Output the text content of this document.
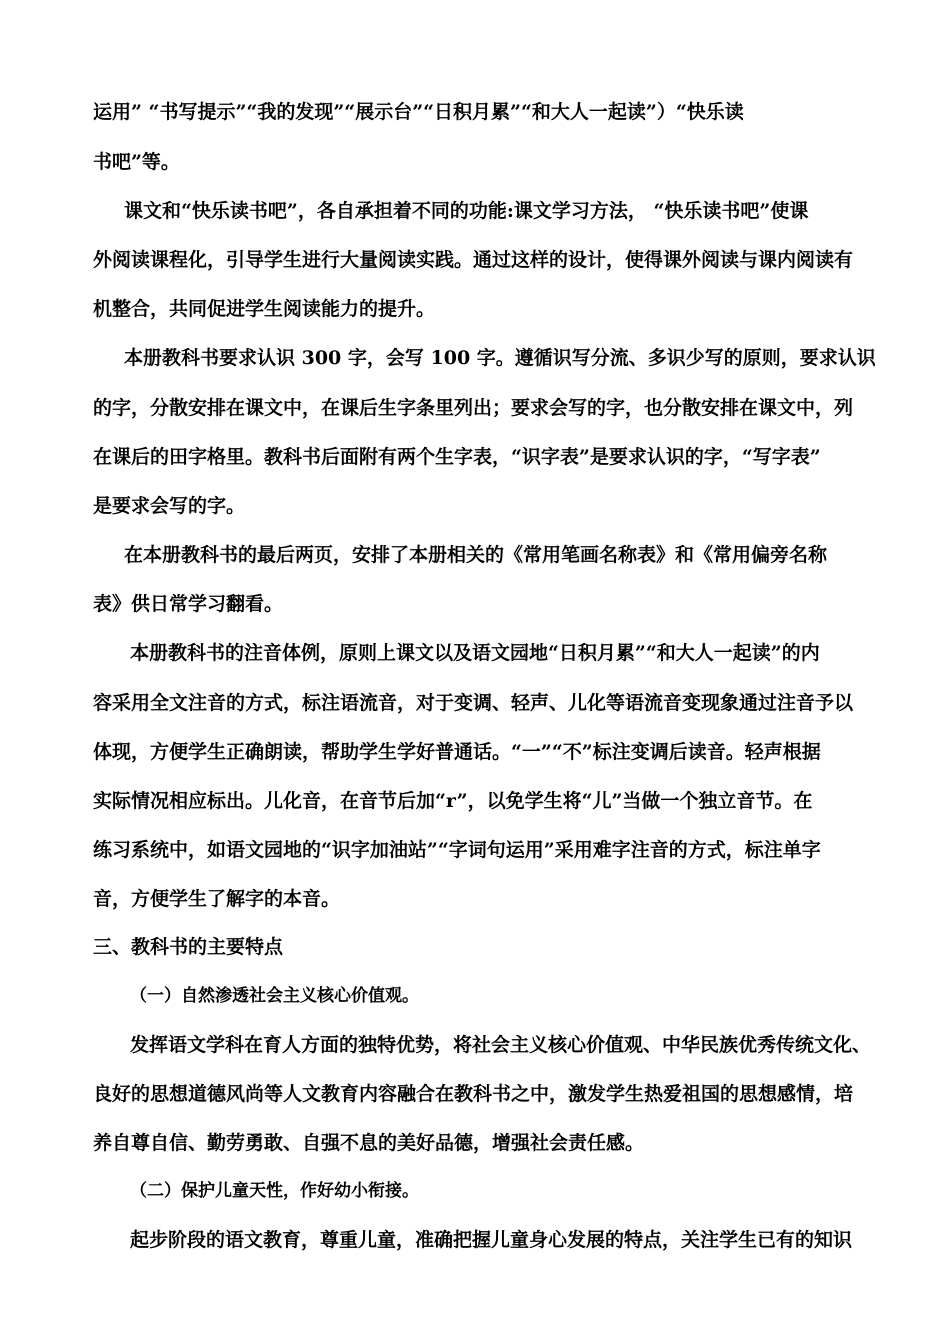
运用” “书写提示”“我的发现”“展示台”“日积月累”“和大人一起读”）“快乐读
书吧”等。
课文和“快乐读书吧”，各自承担着不同的功能:课文学习方法， “快乐读书吧”使课
外阅读课程化，引导学生进行大量阅读实践。通过这样的设计，使得课外阅读与课内阅读有
机整合，共同促进学生阅读能力的提升。
本册教科书要求认识 300 字，会写 100 字。遵循识写分流、多识少写的原则，要求认识
的字，分散安排在课文中，在课后生字条里列出；要求会写的字，也分散安排在课文中，列
在课后的田字格里。教科书后面附有两个生字表，“识字表”是要求认识的字，“写字表”
是要求会写的字。
在本册教科书的最后两页，安排了本册相关的《常用笔画名称表》和《常用偏旁名称
表》供日常学习翻看。
本册教科书的注音体例，原则上课文以及语文园地“日积月累”“和大人一起读”的内
容采用全文注音的方式，标注语流音，对于变调、轻声、儿化等语流音变现象通过注音予以
体现，方便学生正确朗读，帮助学生学好普通话。“一”“不”标注变调后读音。轻声根据
实际情况相应标出。儿化音，在音节后加“r”，以免学生将“儿”当做一个独立音节。在
练习系统中，如语文园地的“识字加油站”“字词句运用”采用难字注音的方式，标注单字
音，方便学生了解字的本音。
三、教科书的主要特点
（一）自然渗透社会主义核心价值观。
发挥语文学科在育人方面的独特优势，将社会主义核心价值观、中华民族优秀传统文化、
良好的思想道德风尚等人文教育内容融合在教科书之中，激发学生热爱祖国的思想感情，培
养自尊自信、勤劳勇敢、自强不息的美好品德，增强社会责任感。
（二）保护儿童天性，作好幼小衔接。
起步阶段的语文教育，尊重儿童，准确把握儿童身心发展的特点，关注学生已有的知识
